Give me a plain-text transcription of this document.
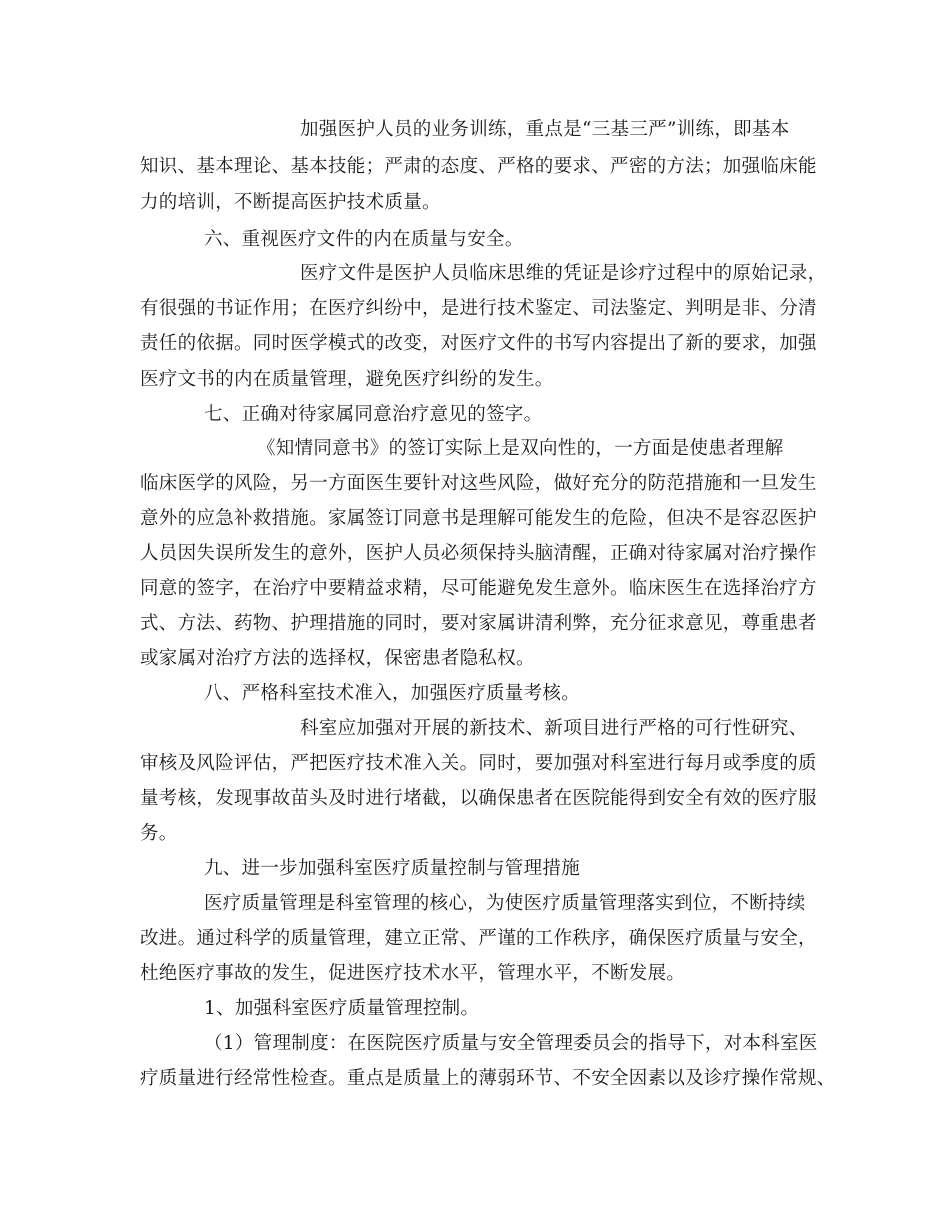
加强医护人员的业务训练，重点是“三基三严”训练，即基本
知识、基本理论、基本技能；严肃的态度、严格的要求、严密的方法；加强临床能
力的培训，不断提高医护技术质量。
六、重视医疗文件的内在质量与安全。
医疗文件是医护人员临床思维的凭证是诊疗过程中的原始记录，
有很强的书证作用；在医疗纠纷中，是进行技术鉴定、司法鉴定、判明是非、分清
责任的依据。同时医学模式的改变，对医疗文件的书写内容提出了新的要求，加强
医疗文书的内在质量管理，避免医疗纠纷的发生。
七、正确对待家属同意治疗意见的签字。
《知情同意书》的签订实际上是双向性的，一方面是使患者理解
临床医学的风险，另一方面医生要针对这些风险，做好充分的防范措施和一旦发生
意外的应急补救措施。家属签订同意书是理解可能发生的危险，但决不是容忍医护
人员因失误所发生的意外，医护人员必须保持头脑清醒，正确对待家属对治疗操作
同意的签字，在治疗中要精益求精，尽可能避免发生意外。临床医生在选择治疗方
式、方法、药物、护理措施的同时，要对家属讲清利弊，充分征求意见，尊重患者
或家属对治疗方法的选择权，保密患者隐私权。
八、严格科室技术准入，加强医疗质量考核。
科室应加强对开展的新技术、新项目进行严格的可行性研究、
审核及风险评估，严把医疗技术准入关。同时，要加强对科室进行每月或季度的质
量考核，发现事故苗头及时进行堵截，以确保患者在医院能得到安全有效的医疗服
务。
九、进一步加强科室医疗质量控制与管理措施
医疗质量管理是科室管理的核心，为使医疗质量管理落实到位，不断持续
改进。通过科学的质量管理，建立正常、严谨的工作秩序，确保医疗质量与安全，
杜绝医疗事故的发生，促进医疗技术水平，管理水平，不断发展。
1、加强科室医疗质量管理控制。
（1）管理制度：在医院医疗质量与安全管理委员会的指导下，对本科室医
疗质量进行经常性检查。重点是质量上的薄弱环节、不安全因素以及诊疗操作常规、
